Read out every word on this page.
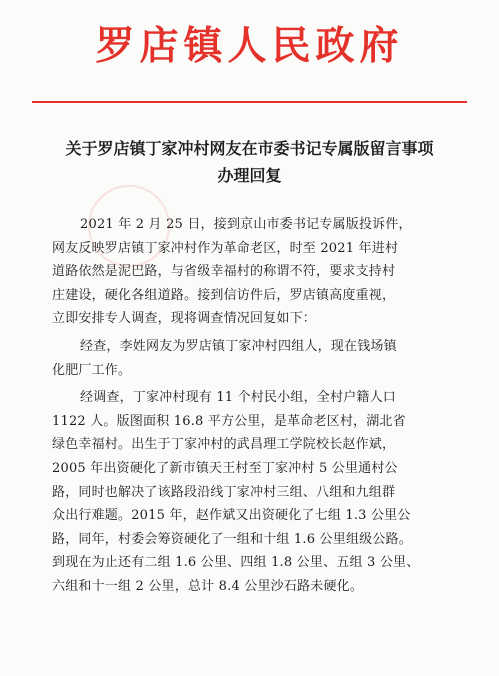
罗店镇人民政府
关于罗店镇丁家冲村网友在市委书记专属版留言事项
办理回复
2021 年 2 月 25 日，接到京山市委书记专属版投诉件，
网友反映罗店镇丁家冲村作为革命老区，时至 2021 年进村
道路依然是泥巴路，与省级幸福村的称谓不符，要求支持村
庄建设，硬化各组道路。接到信访件后，罗店镇高度重视，
立即安排专人调查，现将调查情况回复如下：
经查，李姓网友为罗店镇丁家冲村四组人，现在钱场镇
化肥厂工作。
经调查，丁家冲村现有 11 个村民小组，全村户籍人口
1122 人。版图面积 16.8 平方公里，是革命老区村，湖北省
绿色幸福村。出生于丁家冲村的武昌理工学院校长赵作斌，
2005 年出资硬化了新市镇天王村至丁家冲村 5 公里通村公
路，同时也解决了该路段沿线丁家冲村三组、八组和九组群
众出行难题。2015 年，赵作斌又出资硬化了七组 1.3 公里公
路，同年，村委会筹资硬化了一组和十组 1.6 公里组级公路。
到现在为止还有二组 1.6 公里、四组 1.8 公里、五组 3 公里、
六组和十一组 2 公里，总计 8.4 公里沙石路未硬化。
